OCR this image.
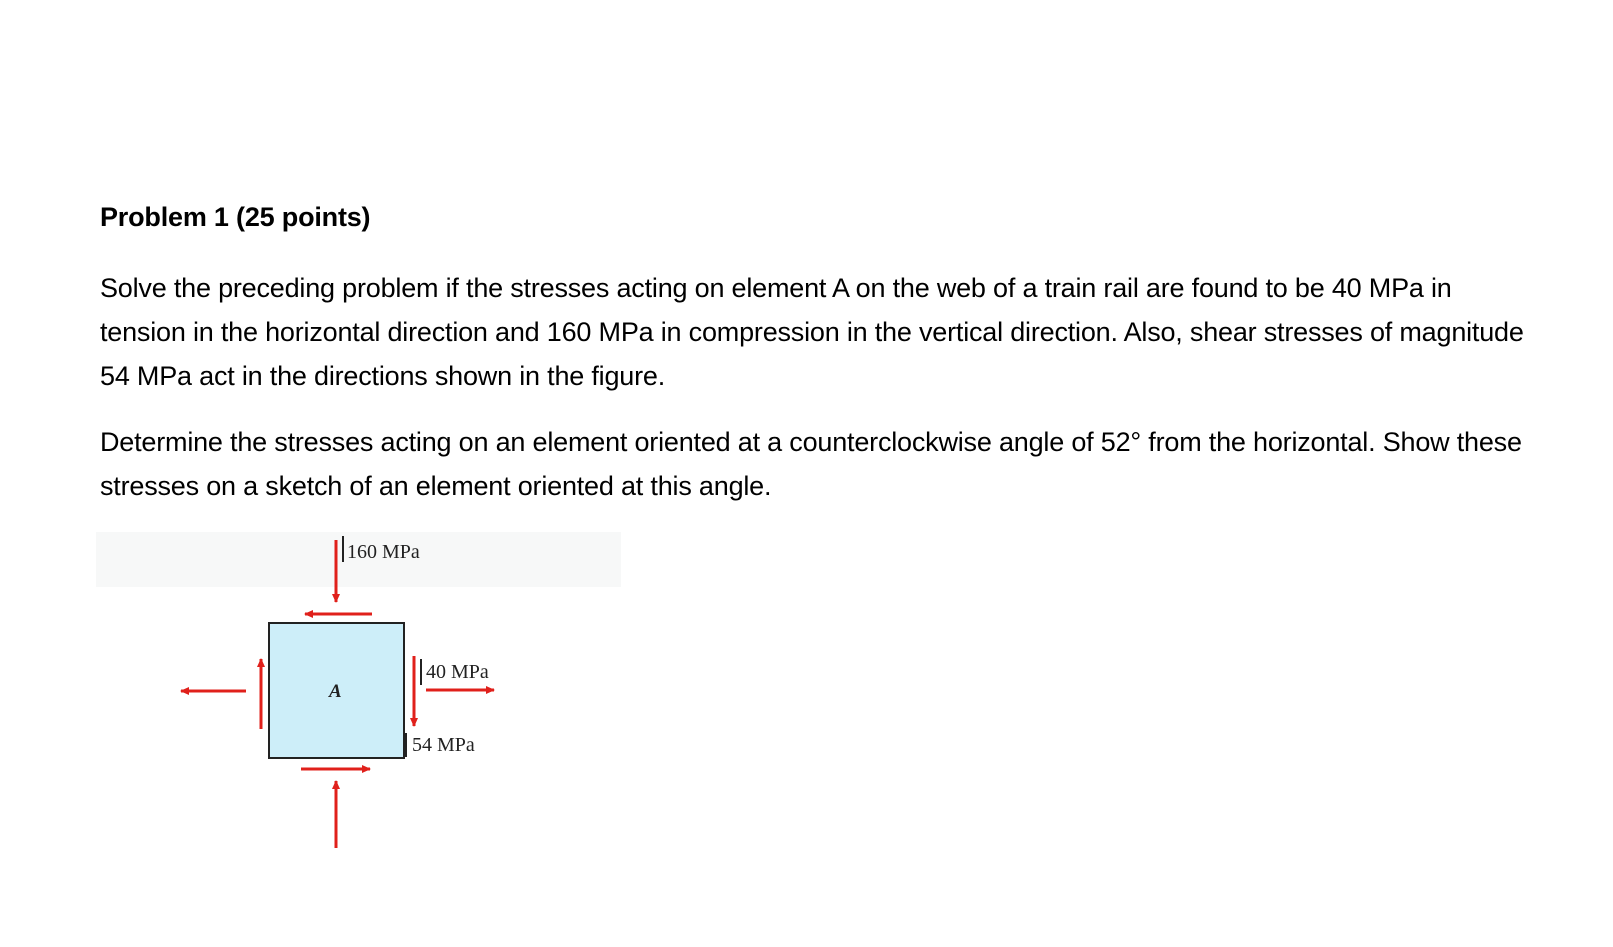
Problem 1 (25 points)

Solve the preceding problem if the stresses acting on element A on the web of a train rail are found to be 40 MPa in tension in the horizontal direction and 160 MPa in compression in the vertical direction. Also, shear stresses of magnitude 54 MPa act in the directions shown in the figure.

Determine the stresses acting on an element oriented at a counterclockwise angle of 52° from the horizontal. Show these stresses on a sketch of an element oriented at this angle.

A
160 MPa
40 MPa
54 MPa
